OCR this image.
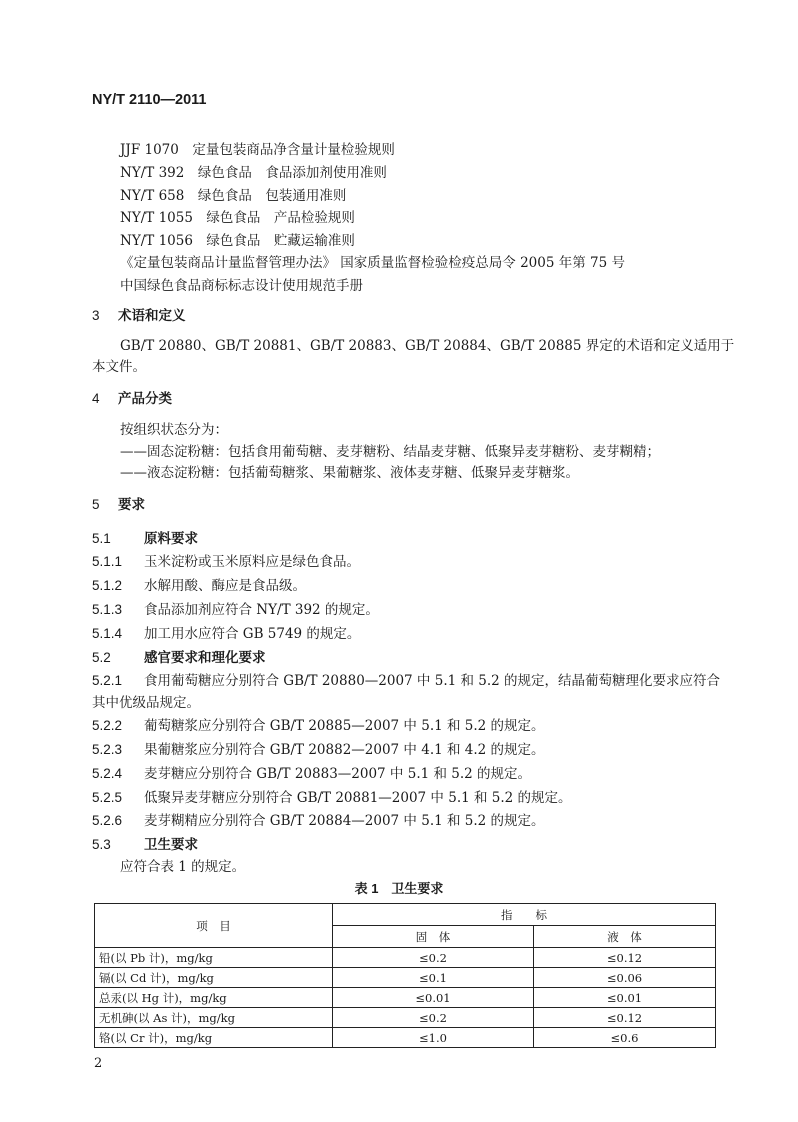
NY/T 2110—2011
JJF 1070　定量包装商品净含量计量检验规则
NY/T 392　绿色食品　食品添加剂使用准则
NY/T 658　绿色食品　包装通用准则
NY/T 1055　绿色食品　产品检验规则
NY/T 1056　绿色食品　贮藏运输准则
《定量包装商品计量监督管理办法》 国家质量监督检验检疫总局令 2005 年第 75 号
中国绿色食品商标标志设计使用规范手册
3 术语和定义
GB/T 20880、GB/T 20881、GB/T 20883、GB/T 20884、GB/T 20885 界定的术语和定义适用于
本文件。
4 产品分类
按组织状态分为：
——固态淀粉糖：包括食用葡萄糖、麦芽糖粉、结晶麦芽糖、低聚异麦芽糖粉、麦芽糊精；
——液态淀粉糖：包括葡萄糖浆、果葡糖浆、液体麦芽糖、低聚异麦芽糖浆。
5 要求
5.1 原料要求
5.1.1 玉米淀粉或玉米原料应是绿色食品。
5.1.2 水解用酸、酶应是食品级。
5.1.3 食品添加剂应符合 NY/T 392 的规定。
5.1.4 加工用水应符合 GB 5749 的规定。
5.2 感官要求和理化要求
5.2.1 食用葡萄糖应分别符合 GB/T 20880—2007 中 5.1 和 5.2 的规定，结晶葡萄糖理化要求应符合
其中优级品规定。
5.2.2 葡萄糖浆应分别符合 GB/T 20885—2007 中 5.1 和 5.2 的规定。
5.2.3 果葡糖浆应分别符合 GB/T 20882—2007 中 4.1 和 4.2 的规定。
5.2.4 麦芽糖应分别符合 GB/T 20883—2007 中 5.1 和 5.2 的规定。
5.2.5 低聚异麦芽糖应分别符合 GB/T 20881—2007 中 5.1 和 5.2 的规定。
5.2.6 麦芽糊精应分别符合 GB/T 20884—2007 中 5.1 和 5.2 的规定。
5.3 卫生要求
应符合表 1 的规定。
表 1　卫生要求
项　目	指　　标	
	固　体	液　体
铅(以 Pb 计)，mg/kg	≤0.2	≤0.12
镉(以 Cd 计)，mg/kg	≤0.1	≤0.06
总汞(以 Hg 计)，mg/kg	≤0.01	≤0.01
无机砷(以 As 计)，mg/kg	≤0.2	≤0.12
铬(以 Cr 计)，mg/kg	≤1.0	≤0.6
2
